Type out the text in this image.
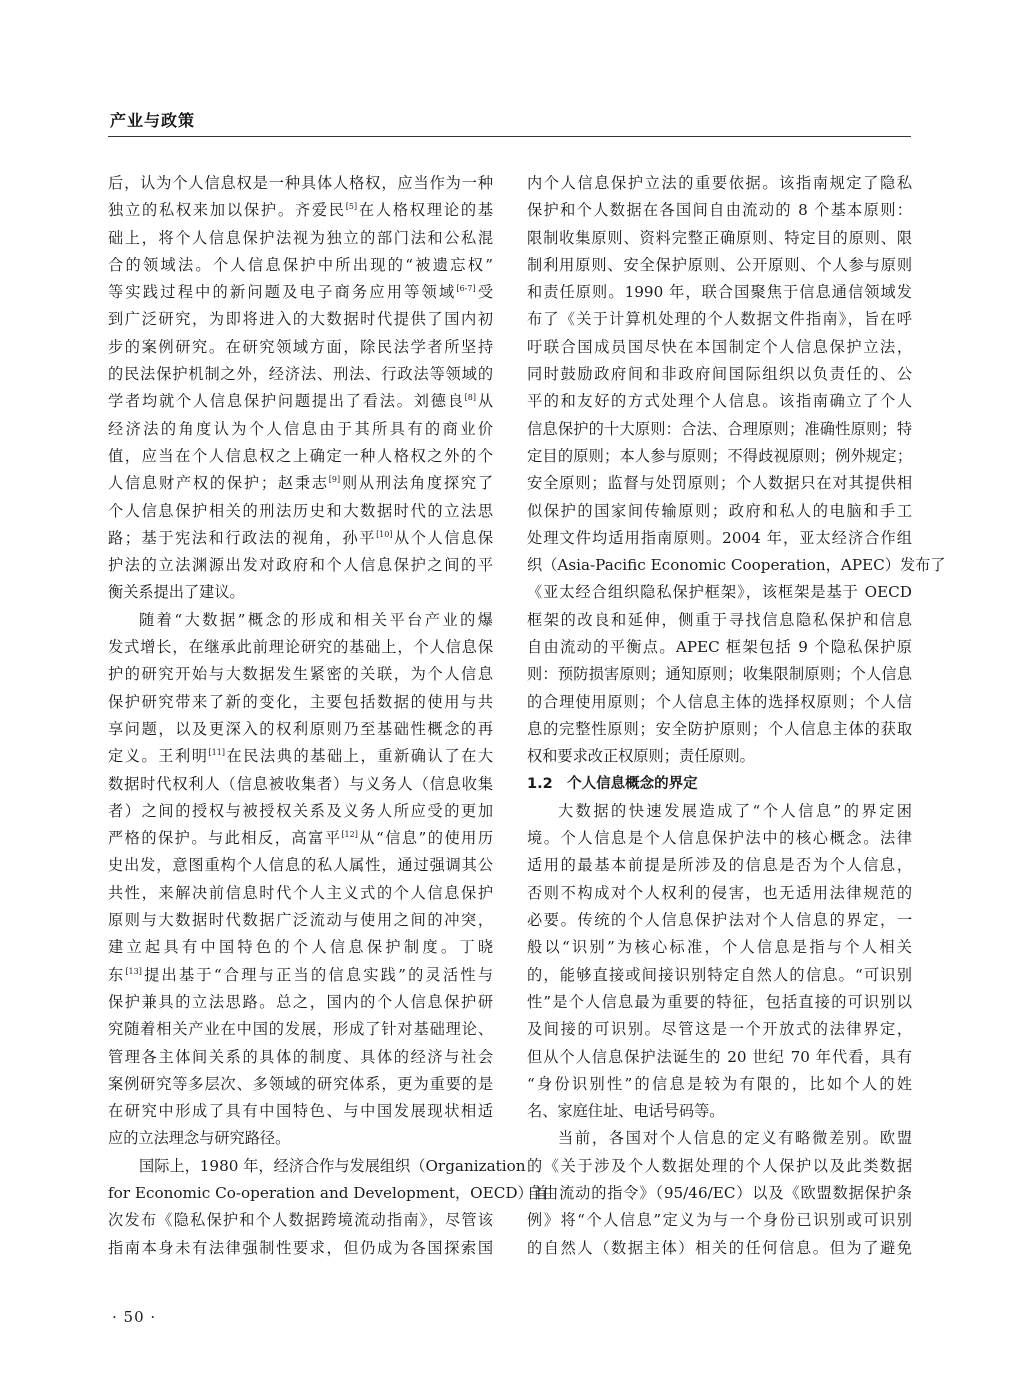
产业与政策
后，认为个人信息权是一种具体人格权，应当作为一种
独立的私权来加以保护。齐爱民[5]在人格权理论的基
础上，将个人信息保护法视为独立的部门法和公私混
合的领域法。个人信息保护中所出现的“被遗忘权”
等实践过程中的新问题及电子商务应用等领域[6-7]受
到广泛研究，为即将进入的大数据时代提供了国内初
步的案例研究。在研究领域方面，除民法学者所坚持
的民法保护机制之外，经济法、刑法、行政法等领域的
学者均就个人信息保护问题提出了看法。刘德良[8]从
经济法的角度认为个人信息由于其所具有的商业价
值，应当在个人信息权之上确定一种人格权之外的个
人信息财产权的保护；赵秉志[9]则从刑法角度探究了
个人信息保护相关的刑法历史和大数据时代的立法思
路；基于宪法和行政法的视角，孙平[10]从个人信息保
护法的立法渊源出发对政府和个人信息保护之间的平
衡关系提出了建议。
随着“大数据”概念的形成和相关平台产业的爆
发式增长，在继承此前理论研究的基础上，个人信息保
护的研究开始与大数据发生紧密的关联，为个人信息
保护研究带来了新的变化，主要包括数据的使用与共
享问题，以及更深入的权利原则乃至基础性概念的再
定义。王利明[11]在民法典的基础上，重新确认了在大
数据时代权利人（信息被收集者）与义务人（信息收集
者）之间的授权与被授权关系及义务人所应受的更加
严格的保护。与此相反，高富平[12]从“信息”的使用历
史出发，意图重构个人信息的私人属性，通过强调其公
共性，来解决前信息时代个人主义式的个人信息保护
原则与大数据时代数据广泛流动与使用之间的冲突，
建立起具有中国特色的个人信息保护制度。丁晓
东[13]提出基于“合理与正当的信息实践”的灵活性与
保护兼具的立法思路。总之，国内的个人信息保护研
究随着相关产业在中国的发展，形成了针对基础理论、
管理各主体间关系的具体的制度、具体的经济与社会
案例研究等多层次、多领域的研究体系，更为重要的是
在研究中形成了具有中国特色、与中国发展现状相适
应的立法理念与研究路径。
国际上，1980 年，经济合作与发展组织（Organization
for Economic Co-operation and Development，OECD）首
次发布《隐私保护和个人数据跨境流动指南》，尽管该
指南本身未有法律强制性要求，但仍成为各国探索国
内个人信息保护立法的重要依据。该指南规定了隐私
保护和个人数据在各国间自由流动的 8 个基本原则：
限制收集原则、资料完整正确原则、特定目的原则、限
制利用原则、安全保护原则、公开原则、个人参与原则
和责任原则。1990 年，联合国聚焦于信息通信领域发
布了《关于计算机处理的个人数据文件指南》，旨在呼
吁联合国成员国尽快在本国制定个人信息保护立法，
同时鼓励政府间和非政府间国际组织以负责任的、公
平的和友好的方式处理个人信息。该指南确立了个人
信息保护的十大原则：合法、合理原则；准确性原则；特
定目的原则；本人参与原则；不得歧视原则；例外规定；
安全原则；监督与处罚原则；个人数据只在对其提供相
似保护的国家间传输原则；政府和私人的电脑和手工
处理文件均适用指南原则。2004 年，亚太经济合作组
织（Asia-Pacific Economic Cooperation，APEC）发布了
《亚太经合组织隐私保护框架》，该框架是基于 OECD
框架的改良和延伸，侧重于寻找信息隐私保护和信息
自由流动的平衡点。APEC 框架包括 9 个隐私保护原
则：预防损害原则；通知原则；收集限制原则；个人信息
的合理使用原则；个人信息主体的选择权原则；个人信
息的完整性原则；安全防护原则；个人信息主体的获取
权和要求改正权原则；责任原则。
1.2　个人信息概念的界定
大数据的快速发展造成了“个人信息”的界定困
境。个人信息是个人信息保护法中的核心概念。法律
适用的最基本前提是所涉及的信息是否为个人信息，
否则不构成对个人权利的侵害，也无适用法律规范的
必要。传统的个人信息保护法对个人信息的界定，一
般以“识别”为核心标准，个人信息是指与个人相关
的，能够直接或间接识别特定自然人的信息。“可识别
性”是个人信息最为重要的特征，包括直接的可识别以
及间接的可识别。尽管这是一个开放式的法律界定，
但从个人信息保护法诞生的 20 世纪 70 年代看，具有
“身份识别性”的信息是较为有限的，比如个人的姓
名、家庭住址、电话号码等。
当前，各国对个人信息的定义有略微差别。欧盟
的《关于涉及个人数据处理的个人保护以及此类数据
自由流动的指令》（95/46/EC）以及《欧盟数据保护条
例》将“个人信息”定义为与一个身份已识别或可识别
的自然人（数据主体）相关的任何信息。但为了避免
· 50 ·
